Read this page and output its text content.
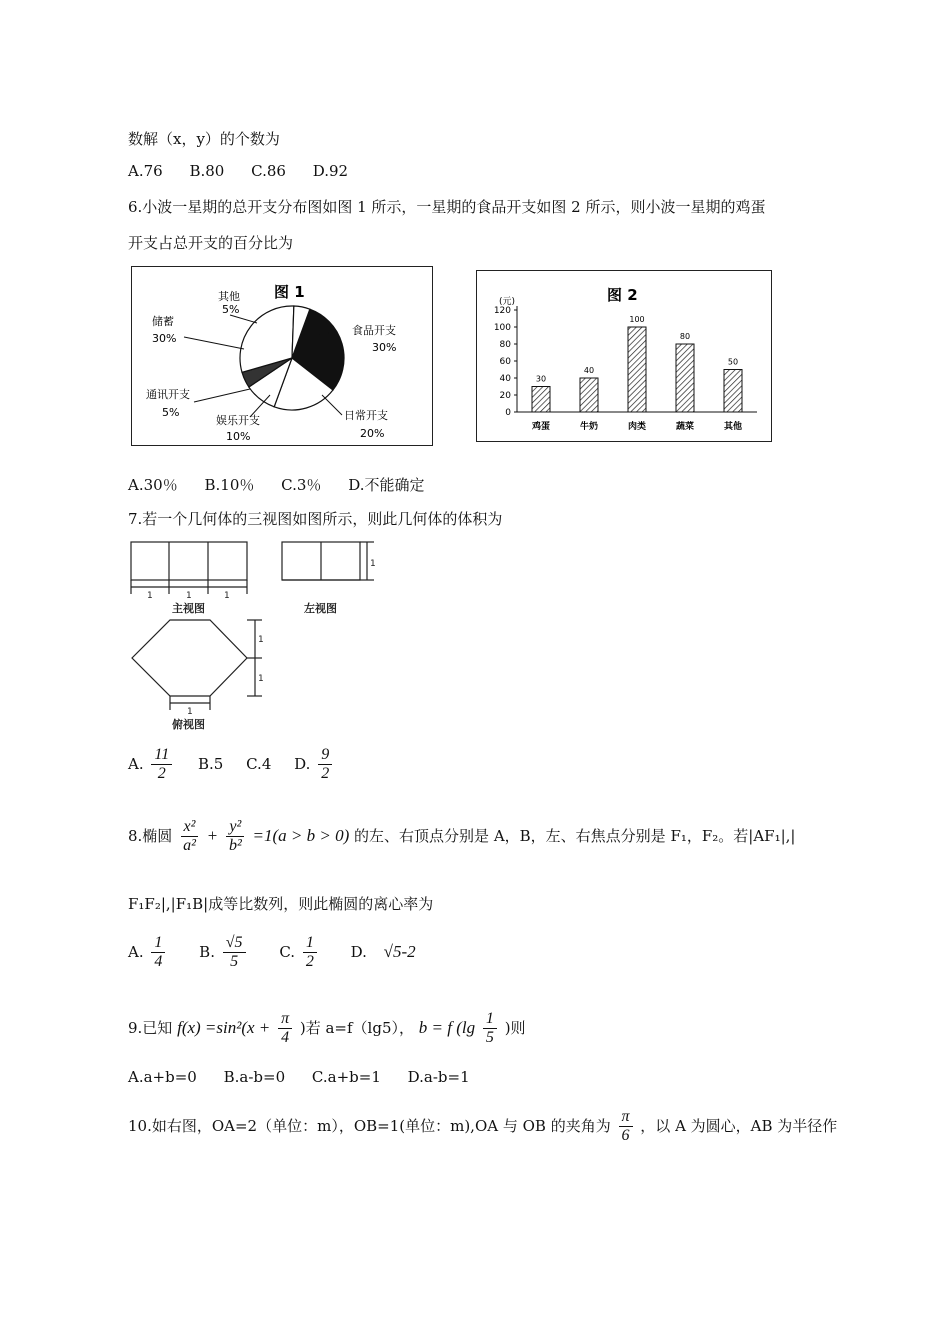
数解（x，y）的个数为
A.76 B.80 C.86 D.92
6.小波一星期的总开支分布图如图 1 所示，一星期的食品开支如图 2 所示，则小波一星期的鸡蛋
开支占总开支的百分比为
图 1
其他
5%
储蓄
30%
食品开支
30%
通讯开支
5%
娱乐开支
10%
日常开支
20%
图 2
(元)
0
20
40
60
80
100
120
30
鸡蛋
40
牛奶
100
肉类
80
蔬菜
50
其他
A.30％ B.10％ C.3％ D.不能确定
7.若一个几何体的三视图如图所示，则此几何体的体积为
1	1	1
1
1
1
1
主视图	左视图
俯视图
A. $\frac{11}{2} B.5$ C.4 D. $\frac{9}{2}$
8.椭圆 $\frac{\text{x²}}{\text{a²}} + \frac{\text{y²}}{\text{b²}} =1(a > b > 0)$ 的左、右顶点分别是 A，B，左、右焦点分别是 F₁，F₂。若|AF₁|,|
F₁F₂|,|F₁B|成等比数列，则此椭圆的离心率为
A. $\frac{1}{4} B$. $\frac{√5}{5} C$. $\frac{1}{2} D$. √5-2
9.已知 $f(x) =\sin^2(x + \frac{\pi}{4}$ )若 a=f（lg5）， b = f ($\lg \frac{1}{5}$ )则
A.a+b=0 B.a-b=0 C.a+b=1 D.a-b=1
10.如右图，OA=2（单位：m），OB=1(单位：m),OA 与 OB 的夹角为 $\frac{\pi}{6}$ ，以 A 为圆心，AB 为半径作
